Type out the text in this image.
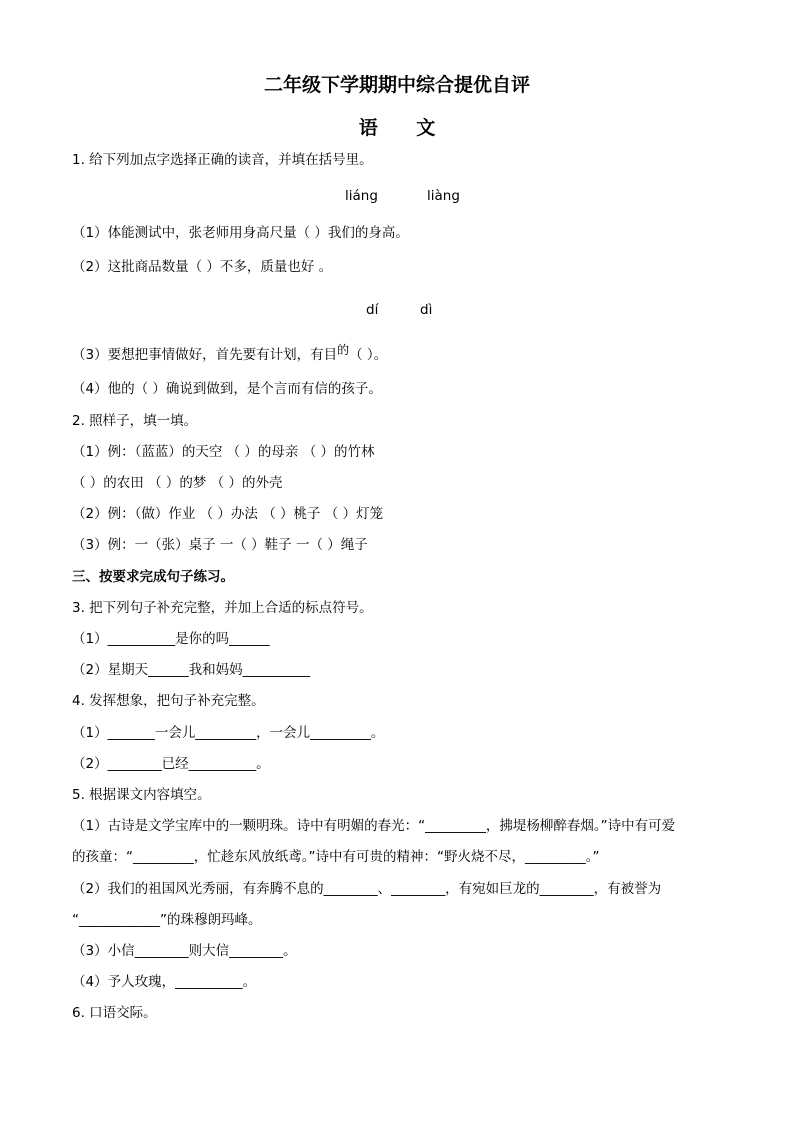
二年级下学期期中综合提优自评
语 文
1. 给下列加点字选择正确的读音，并填在括号里。
liáng	liàng
（1）体能测试中，张老师用身高尺量（ ）我们的身高。
（2）这批商品数量（ ）不多，质量也好 。
dí	dì
（3）要想把事情做好，首先要有计划，有目的（ ）。
（4）他的（ ）确说到做到，是个言而有信的孩子。
2. 照样子，填一填。
（1）例：（蓝蓝）的天空 （ ）的母亲 （ ）的竹林
（ ）的农田 （ ）的梦 （ ）的外壳
（2）例：（做）作业 （ ）办法 （ ）桃子 （ ）灯笼
（3）例：一（张）桌子 一（ ）鞋子 一（ ）绳子
三、按要求完成句子练习。
3. 把下列句子补充完整，并加上合适的标点符号。
（1）__________是你的吗______
（2）星期天______我和妈妈__________
4. 发挥想象，把句子补充完整。
（1）_______一会儿_________，一会儿_________。
（2）________已经__________。
5. 根据课文内容填空。
（1）古诗是文学宝库中的一颗明珠。诗中有明媚的春光：“_________，拂堤杨柳醉春烟。”诗中有可爱
的孩童：“_________，忙趁东风放纸鸢。”诗中有可贵的精神：“野火烧不尽，_________。”
（2）我们的祖国风光秀丽，有奔腾不息的________、________，有宛如巨龙的________，有被誉为
“____________”的珠穆朗玛峰。
（3）小信________则大信________。
（4）予人玫瑰，__________。
6. 口语交际。
